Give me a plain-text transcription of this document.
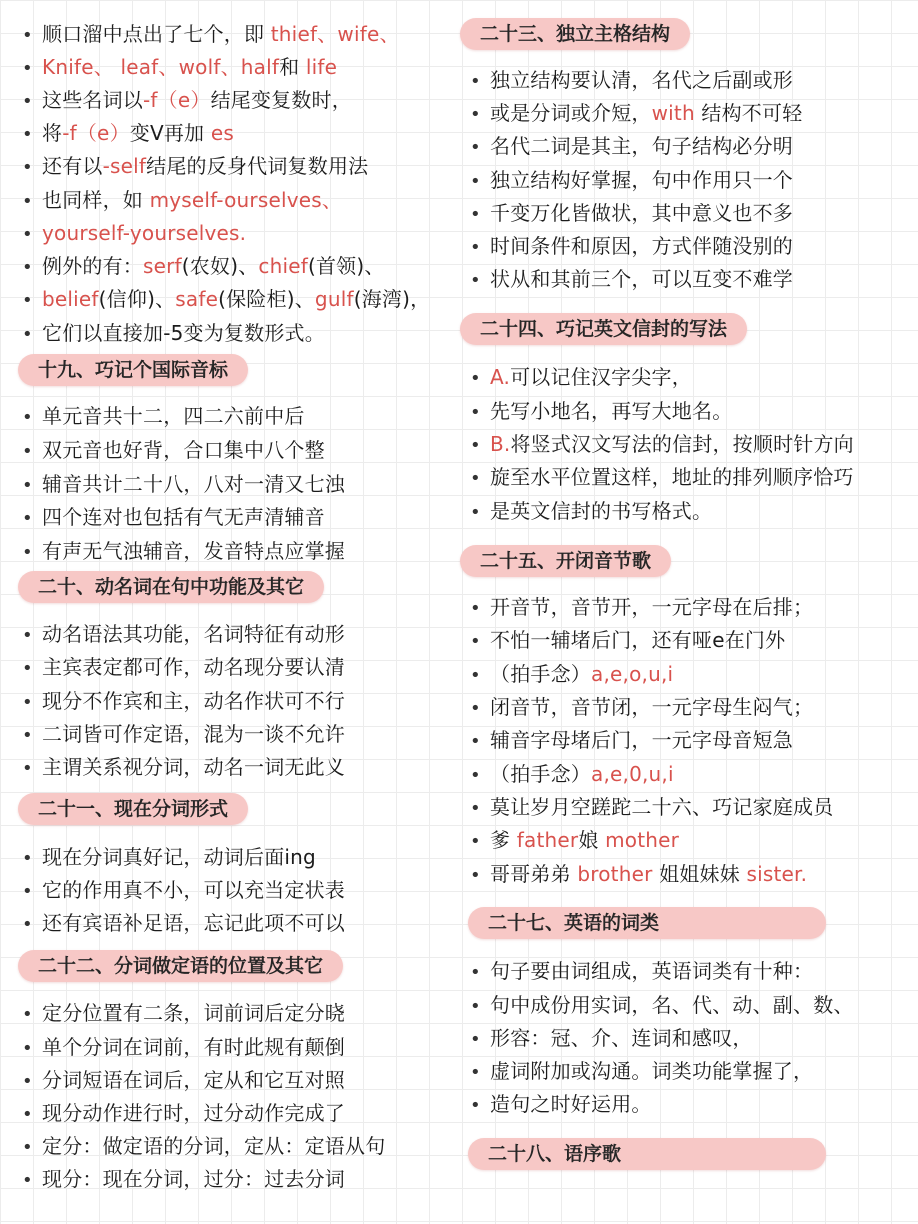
• 顺口溜中点出了七个，即 thief、wife、
• Knife、 leaf、wolf、half和 life
• 这些名词以-f（e）结尾变复数时，
• 将-f（e）变V再加 es
• 还有以-self结尾的反身代词复数用法
• 也同样，如 myself-ourselves、
• yourself-yourselves.
• 例外的有：serf(农奴)、chief(首领)、
• belief(信仰)、safe(保险柜)、gulf(海湾)，
• 它们以直接加-5变为复数形式。
十九、巧记个国际音标
• 单元音共十二，四二六前中后
• 双元音也好背，合口集中八个整
• 辅音共计二十八，八对一清又七浊
• 四个连对也包括有气无声清辅音
• 有声无气浊辅音，发音特点应掌握
二十、动名词在句中功能及其它
• 动名语法其功能，名词特征有动形
• 主宾表定都可作，动名现分要认清
• 现分不作宾和主，动名作状可不行
• 二词皆可作定语，混为一谈不允许
• 主谓关系视分词，动名一词无此义
二十一、现在分词形式
• 现在分词真好记，动词后面ing
• 它的作用真不小，可以充当定状表
• 还有宾语补足语，忘记此项不可以
二十二、分词做定语的位置及其它
• 定分位置有二条，词前词后定分晓
• 单个分词在词前，有时此规有颠倒
• 分词短语在词后，定从和它互对照
• 现分动作进行时，过分动作完成了
• 定分：做定语的分词，定从：定语从句
• 现分：现在分词，过分：过去分词
二十三、独立主格结构
• 独立结构要认清，名代之后副或形
• 或是分词或介短，with 结构不可轻
• 名代二词是其主，句子结构必分明
• 独立结构好掌握，句中作用只一个
• 千变万化皆做状，其中意义也不多
• 时间条件和原因，方式伴随没别的
• 状从和其前三个，可以互变不难学
二十四、巧记英文信封的写法
• A.可以记住汉字尖字，
• 先写小地名，再写大地名。
• B.将竖式汉文写法的信封，按顺时针方向
• 旋至水平位置这样，地址的排列顺序恰巧
• 是英文信封的书写格式。
二十五、开闭音节歌
• 开音节，音节开，一元字母在后排；
• 不怕一辅堵后门，还有哑e在门外
• （拍手念）a,e,o,u,i
• 闭音节，音节闭，一元字母生闷气；
• 辅音字母堵后门，一元字母音短急
• （拍手念）a,e,0,u,i
• 莫让岁月空蹉跎二十六、巧记家庭成员
• 爹 father娘 mother
• 哥哥弟弟 brother 姐姐妹妹 sister.
二十七、英语的词类
• 句子要由词组成，英语词类有十种：
• 句中成份用实词，名、代、动、副、数、
• 形容：冠、介、连词和感叹，
• 虚词附加或沟通。词类功能掌握了，
• 造句之时好运用。
二十八、语序歌
